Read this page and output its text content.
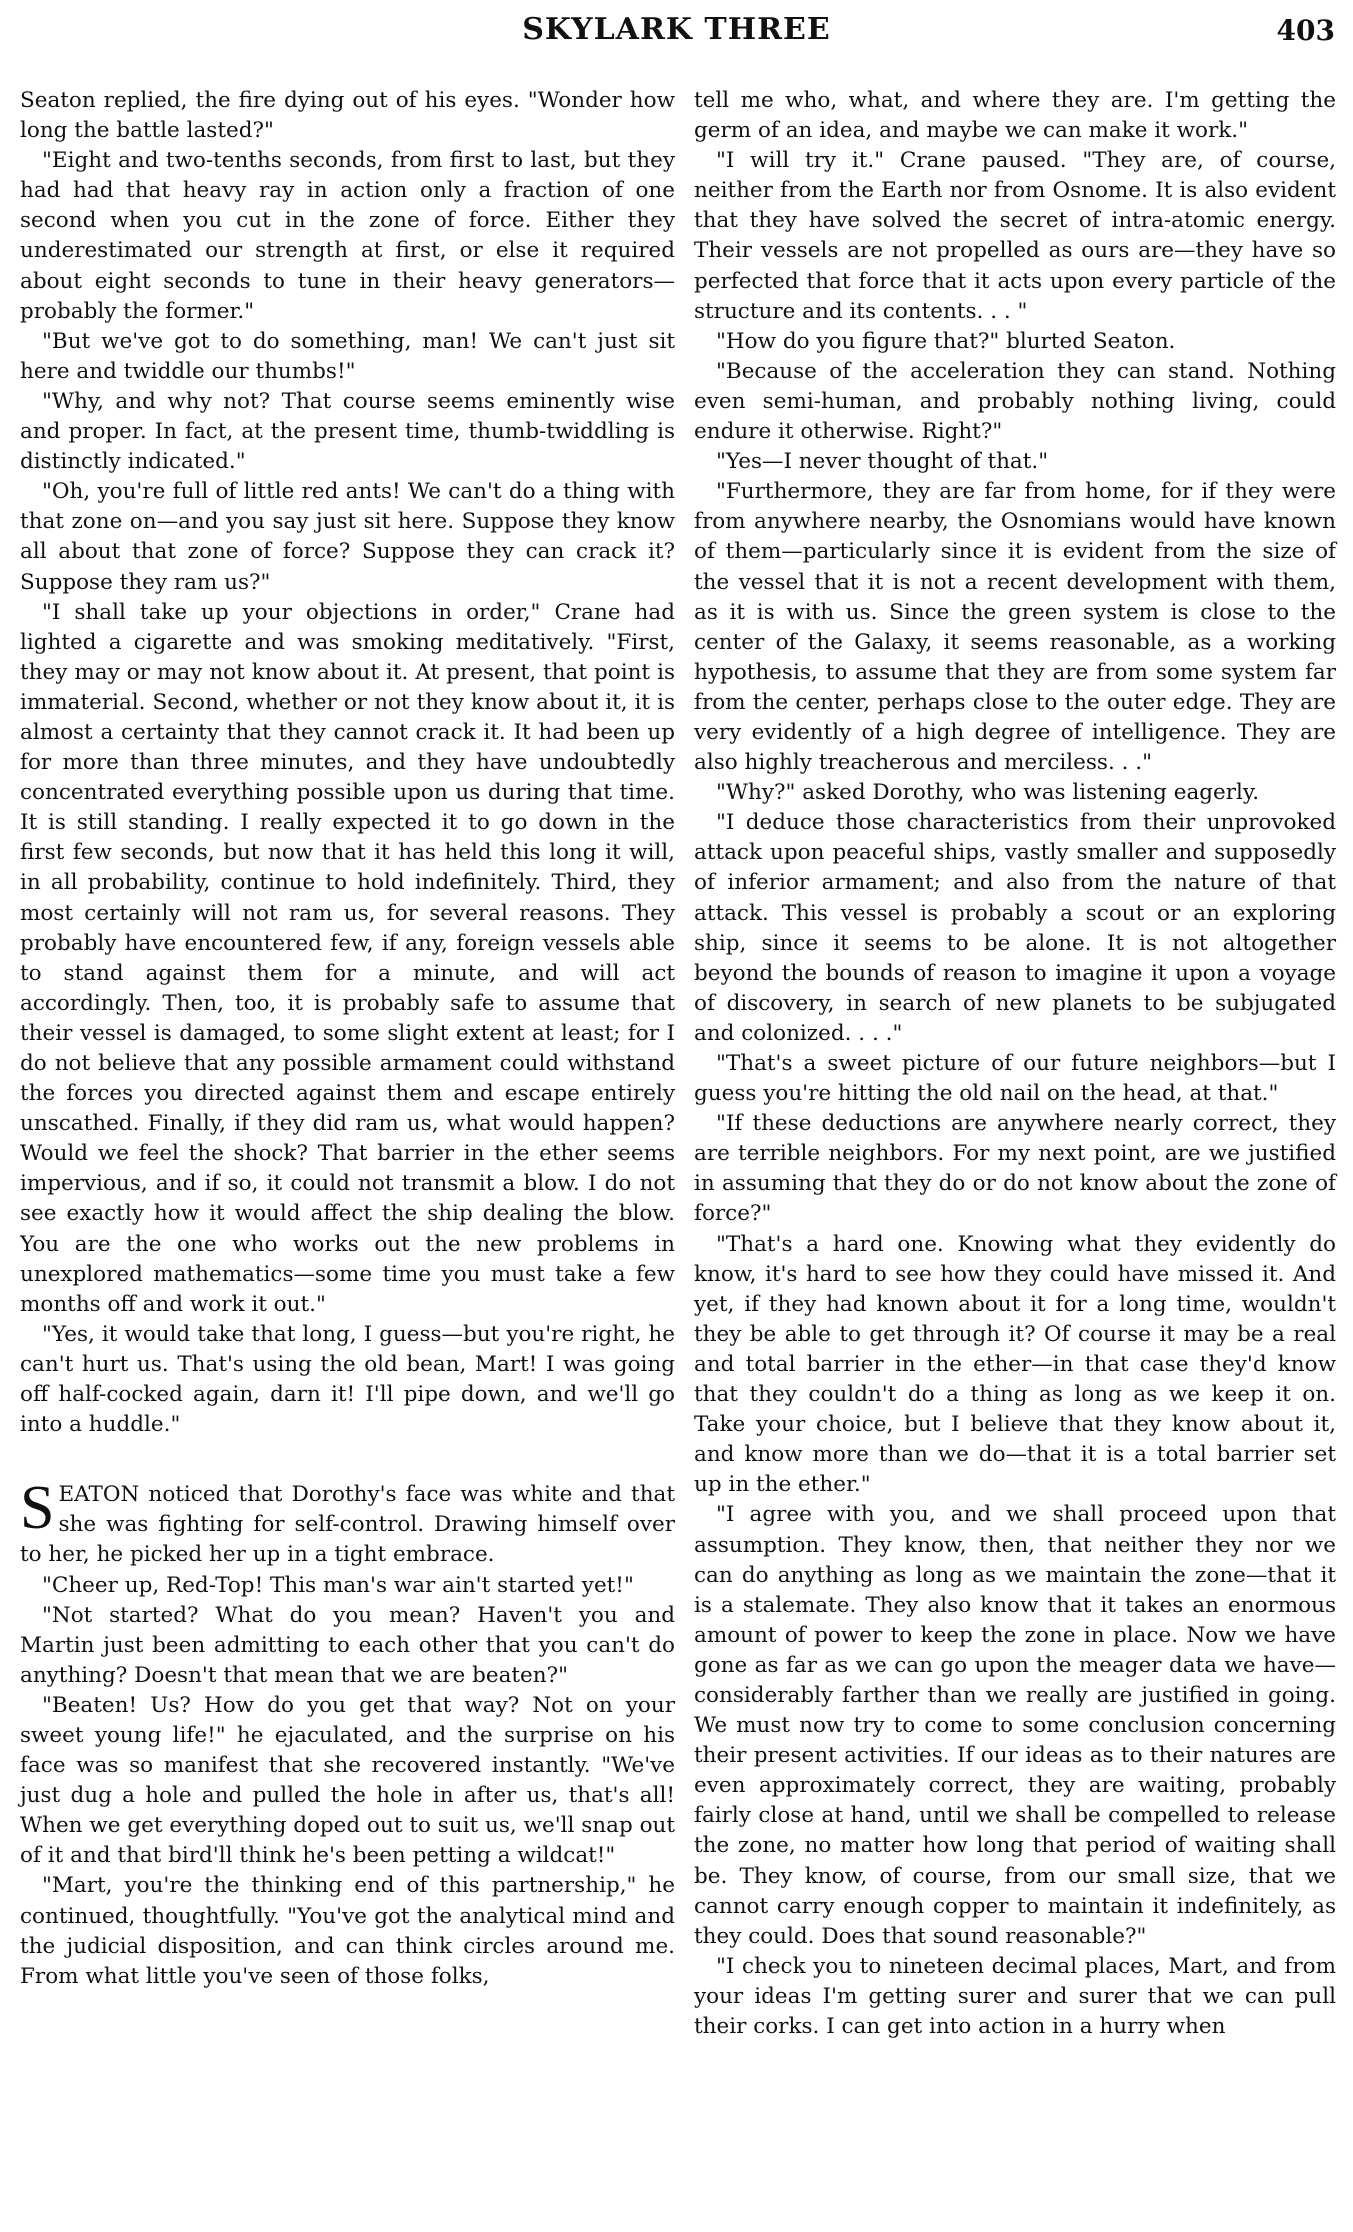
SKYLARK THREE	403

Seaton replied, the fire dying out of his eyes. "Wonder how long the battle lasted?"

"Eight and two-tenths seconds, from first to last, but they had had that heavy ray in action only a fraction of one second when you cut in the zone of force. Either they underestimated our strength at first, or else it required about eight seconds to tune in their heavy generators—probably the former."

"But we've got to do something, man! We can't just sit here and twiddle our thumbs!"

"Why, and why not? That course seems eminently wise and proper. In fact, at the present time, thumb-twiddling is distinctly indicated."

"Oh, you're full of little red ants! We can't do a thing with that zone on—and you say just sit here. Suppose they know all about that zone of force? Suppose they can crack it? Suppose they ram us?"

"I shall take up your objections in order," Crane had lighted a cigarette and was smoking meditatively. "First, they may or may not know about it. At present, that point is immaterial. Second, whether or not they know about it, it is almost a certainty that they cannot crack it. It had been up for more than three minutes, and they have undoubtedly concentrated everything possible upon us during that time. It is still standing. I really expected it to go down in the first few seconds, but now that it has held this long it will, in all probability, continue to hold indefinitely. Third, they most certainly will not ram us, for several reasons. They probably have encountered few, if any, foreign vessels able to stand against them for a minute, and will act accordingly. Then, too, it is probably safe to assume that their vessel is damaged, to some slight extent at least; for I do not believe that any possible armament could withstand the forces you directed against them and escape entirely unscathed. Finally, if they did ram us, what would happen? Would we feel the shock? That barrier in the ether seems impervious, and if so, it could not transmit a blow. I do not see exactly how it would affect the ship dealing the blow. You are the one who works out the new problems in unexplored mathematics—some time you must take a few months off and work it out."

"Yes, it would take that long, I guess—but you're right, he can't hurt us. That's using the old bean, Mart! I was going off half-cocked again, darn it! I'll pipe down, and we'll go into a huddle."

SEATON noticed that Dorothy's face was white and that she was fighting for self-control. Drawing himself over to her, he picked her up in a tight embrace.

"Cheer up, Red-Top! This man's war ain't started yet!"

"Not started? What do you mean? Haven't you and Martin just been admitting to each other that you can't do anything? Doesn't that mean that we are beaten?"

"Beaten! Us? How do you get that way? Not on your sweet young life!" he ejaculated, and the surprise on his face was so manifest that she recovered instantly. "We've just dug a hole and pulled the hole in after us, that's all! When we get everything doped out to suit us, we'll snap out of it and that bird'll think he's been petting a wildcat!"

"Mart, you're the thinking end of this partnership," he continued, thoughtfully. "You've got the analytical mind and the judicial disposition, and can think circles around me. From what little you've seen of those folks,

tell me who, what, and where they are. I'm getting the germ of an idea, and maybe we can make it work."

"I will try it." Crane paused. "They are, of course, neither from the Earth nor from Osnome. It is also evident that they have solved the secret of intra-atomic energy. Their vessels are not propelled as ours are—they have so perfected that force that it acts upon every particle of the structure and its contents. . . "

"How do you figure that?" blurted Seaton.

"Because of the acceleration they can stand. Nothing even semi-human, and probably nothing living, could endure it otherwise. Right?"

"Yes—I never thought of that."

"Furthermore, they are far from home, for if they were from anywhere nearby, the Osnomians would have known of them—particularly since it is evident from the size of the vessel that it is not a recent development with them, as it is with us. Since the green system is close to the center of the Galaxy, it seems reasonable, as a working hypothesis, to assume that they are from some system far from the center, perhaps close to the outer edge. They are very evidently of a high degree of intelligence. They are also highly treacherous and merciless. . ."

"Why?" asked Dorothy, who was listening eagerly.

"I deduce those characteristics from their unprovoked attack upon peaceful ships, vastly smaller and supposedly of inferior armament; and also from the nature of that attack. This vessel is probably a scout or an exploring ship, since it seems to be alone. It is not altogether beyond the bounds of reason to imagine it upon a voyage of discovery, in search of new planets to be subjugated and colonized. . . ."

"That's a sweet picture of our future neighbors—but I guess you're hitting the old nail on the head, at that."

"If these deductions are anywhere nearly correct, they are terrible neighbors. For my next point, are we justified in assuming that they do or do not know about the zone of force?"

"That's a hard one. Knowing what they evidently do know, it's hard to see how they could have missed it. And yet, if they had known about it for a long time, wouldn't they be able to get through it? Of course it may be a real and total barrier in the ether—in that case they'd know that they couldn't do a thing as long as we keep it on. Take your choice, but I believe that they know about it, and know more than we do—that it is a total barrier set up in the ether."

"I agree with you, and we shall proceed upon that assumption. They know, then, that neither they nor we can do anything as long as we maintain the zone—that it is a stalemate. They also know that it takes an enormous amount of power to keep the zone in place. Now we have gone as far as we can go upon the meager data we have—considerably farther than we really are justified in going. We must now try to come to some conclusion concerning their present activities. If our ideas as to their natures are even approximately correct, they are waiting, probably fairly close at hand, until we shall be compelled to release the zone, no matter how long that period of waiting shall be. They know, of course, from our small size, that we cannot carry enough copper to maintain it indefinitely, as they could. Does that sound reasonable?"

"I check you to nineteen decimal places, Mart, and from your ideas I'm getting surer and surer that we can pull their corks. I can get into action in a hurry when
